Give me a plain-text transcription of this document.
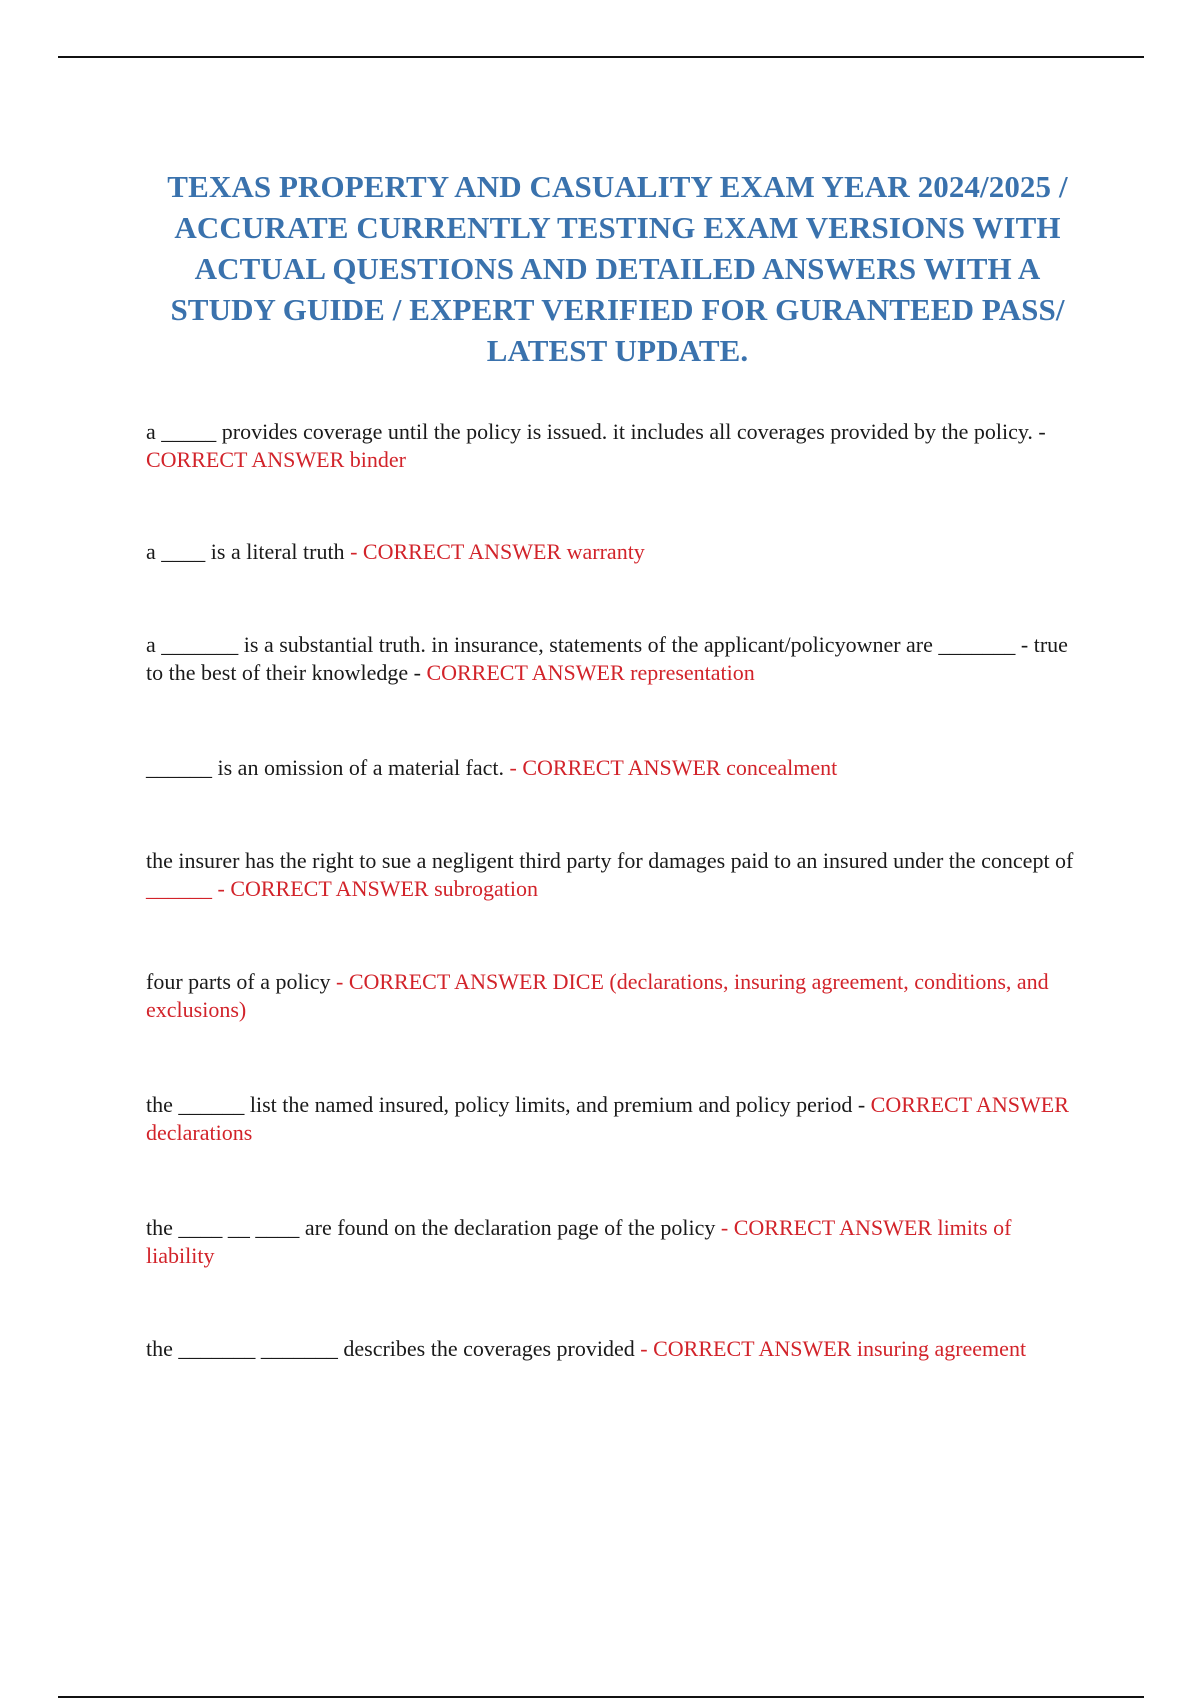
TEXAS PROPERTY AND CASUALITY EXAM YEAR 2024/2025 / ACCURATE CURRENTLY TESTING EXAM VERSIONS WITH ACTUAL QUESTIONS AND DETAILED ANSWERS WITH A STUDY GUIDE / EXPERT VERIFIED FOR GURANTEED PASS/ LATEST UPDATE.

a _____ provides coverage until the policy is issued. it includes all coverages provided by the policy. - CORRECT ANSWER binder

a ____ is a literal truth - CORRECT ANSWER warranty

a _______ is a substantial truth. in insurance, statements of the applicant/policyowner are _______ - true to the best of their knowledge - CORRECT ANSWER representation

______ is an omission of a material fact. - CORRECT ANSWER concealment

the insurer has the right to sue a negligent third party for damages paid to an insured under the concept of ______ - CORRECT ANSWER subrogation

four parts of a policy - CORRECT ANSWER DICE (declarations, insuring agreement, conditions, and exclusions)

the ______ list the named insured, policy limits, and premium and policy period - CORRECT ANSWER declarations

the ____ __ ____ are found on the declaration page of the policy - CORRECT ANSWER limits of liability

the _______ _______ describes the coverages provided - CORRECT ANSWER insuring agreement
